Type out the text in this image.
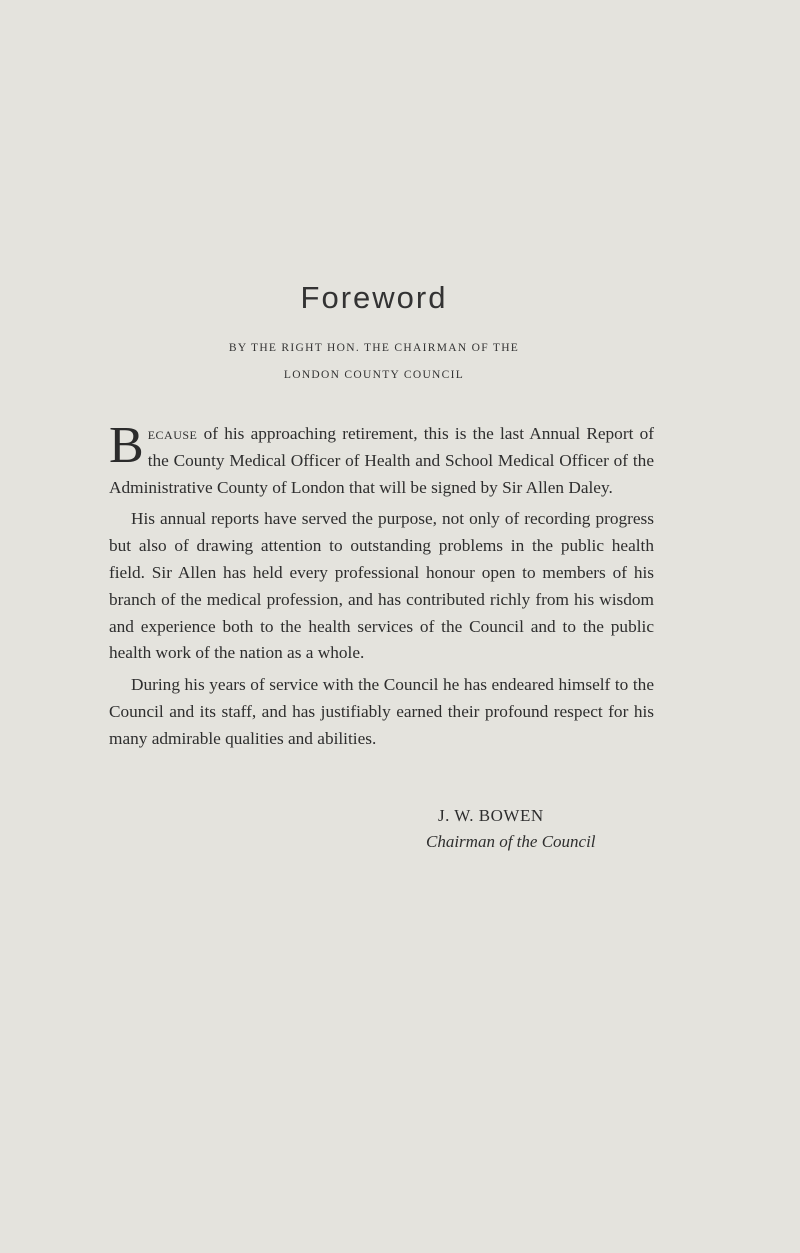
Foreword
BY THE RIGHT HON. THE CHAIRMAN OF THE
LONDON COUNTY COUNCIL

Because of his approaching retirement, this is the last Annual Report of the County Medical Officer of Health and School Medical Officer of the Administrative County of London that will be signed by Sir Allen Daley.

His annual reports have served the purpose, not only of recording progress but also of drawing attention to outstanding problems in the public health field. Sir Allen has held every professional honour open to members of his branch of the medical profession, and has contributed richly from his wisdom and experience both to the health services of the Council and to the public health work of the nation as a whole.

During his years of service with the Council he has endeared himself to the Council and its staff, and has justifiably earned their profound respect for his many admirable qualities and abilities.

J. W. BOWEN
Chairman of the Council
